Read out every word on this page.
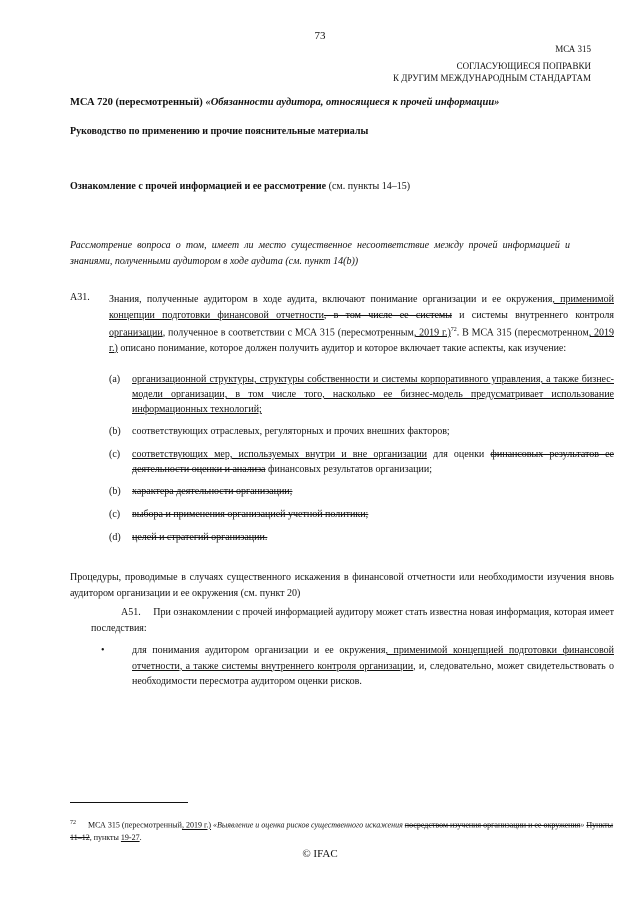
73
МСА 315
СОГЛАСУЮЩИЕСЯ ПОПРАВКИ
К ДРУГИМ МЕЖДУНАРОДНЫМ СТАНДАРТАМ
МСА 720 (пересмотренный) «Обязанности аудитора, относящиеся к прочей информации»
Руководство по применению и прочие пояснительные материалы
Ознакомление с прочей информацией и ее рассмотрение (см. пункты 14–15)
Рассмотрение вопроса о том, имеет ли место существенное несоответствие между прочей информацией и знаниями, полученными аудитором в ходе аудита (см. пункт 14(b))
A31. Знания, полученные аудитором в ходе аудита, включают понимание организации и ее окружения, применимой концепции подготовки финансовой отчетности, в том числе ее системы и системы внутреннего контроля организации, полученное в соответствии с МСА 315 (пересмотренным, 2019 г.)$^{72}$. В МСА 315 (пересмотренном, 2019 г.) описано понимание, которое должен получить аудитор и которое включает такие аспекты, как изучение:
(a)	организационной структуры, структуры собственности и системы корпоративного управления, а также бизнес-модели организации, в том числе того, насколько ее бизнес-модель предусматривает использование информационных технологий;
(b)	соответствующих отраслевых, регуляторных и прочих внешних факторов;
(c)	соответствующих мер, используемых внутри и вне организации для оценки финансовых результатов ее деятельности оценки и анализа финансовых результатов организации;
(b)	характера деятельности организации;
(c)	выбора и применения организацией учетной политики;
(d)	целей и стратегий организации.
Процедуры, проводимые в случаях существенного искажения в финансовой отчетности или необходимости изучения вновь аудитором организации и ее окружения (см. пункт 20)
A51. При ознакомлении с прочей информацией аудитору может стать известна новая информация, которая имеет последствия:
•	для понимания аудитором организации и ее окружения, применимой концепцией подготовки финансовой отчетности, а также системы внутреннего контроля организации, и, следовательно, может свидетельствовать о необходимости пересмотра аудитором оценки рисков.
$^{72}$ МСА 315 (пересмотренный, 2019 г.) «Выявление и оценка рисков существенного искажения посредством изучения организации и ее окружения» Пункты 11–12, пункты 19-27.
© IFAC
